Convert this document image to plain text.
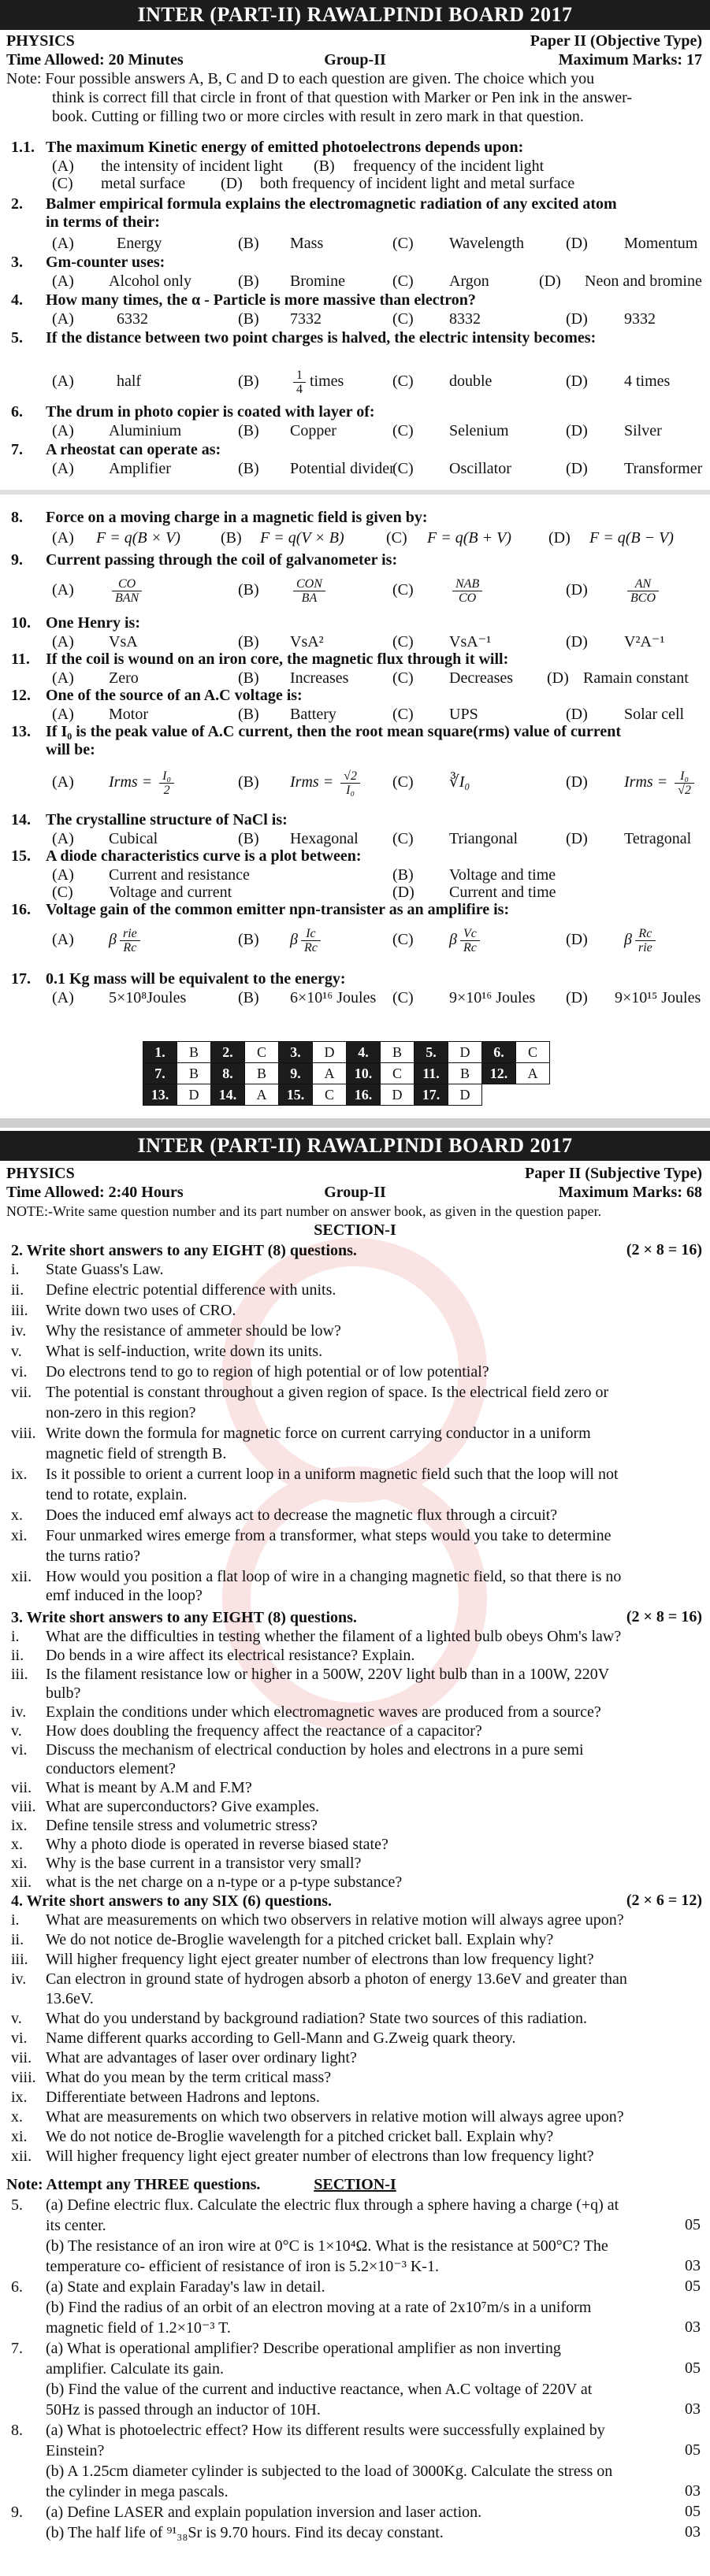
INTER (PART-II) RAWALPINDI BOARD 2017
PHYSICS	Paper II (Objective Type)
Time Allowed: 20 Minutes	Group-II	Maximum Marks: 17
Note: Four possible answers A, B, C and D to each question are given. The choice which you
think is correct fill that circle in front of that question with Marker or Pen ink in the answer-
book. Cutting or filling two or more circles with result in zero mark in that question.
1.1. The maximum Kinetic energy of emitted photoelectrons depends upon:
(A) the intensity of incident light (B) frequency of the incident light
(C) metal surface (D) both frequency of incident light and metal surface
2. Balmer empirical formula explains the electromagnetic radiation of any excited atom
in terms of their:
(A)	Energy	(B) Mass	(C) Wavelength	(D) Momentum
3. Gm-counter uses:
(A) Alcohol only	(B) Bromine	(C) Argon	(D) Neon and bromine
4. How many times, the α - Particle is more massive than electron?
(A)	6332	(B) 7332	(C) 8332	(D) 9332
5. If the distance between two point charges is halved, the electric intensity becomes:
(A)	half	(B)	$\frac{1}{4}$ times	(C) double	(D) 4 times
6. The drum in photo copier is coated with layer of:
(A) Aluminium	(B) Copper	(C) Selenium	(D) Silver
7. A rheostat can operate as:
(A) Amplifier	(B) Potential divider
(C) Oscillator	(D) Transformer
8. Force on a moving charge in a magnetic field is given by:
(A) F = q(B × V)	(B) F = q(V × B)	(C) F = q(B + V) (D) F = q(B − V)
9. Current passing through the coil of galvanometer is:
(A)	$\frac{CO}{\text{BAN}}$	(B)	$\frac{\text{CON}}{BA}$	(C)	$\frac{\text{NAB}}{CO}$	(D)	$\frac{AN}{\text{BCO}}$
10. One Henry is:
(A) VsA	(B) VsA²	(C) VsA⁻¹	(D) V²A⁻¹
11. If the coil is wound on an iron core, the magnetic flux through it will:
(A) Zero	(B) Increases	(C) Decreases (D) Ramain constant
12. One of the source of an A.C voltage is:
(A) Motor	(B) Battery	(C) UPS	(D) Solar cell
13. If I₀ is the peak value of A.C current, then the root mean square(rms) value of current
will be:
(A) Irms = $\frac{\text{I₀}}{2}$	(B) Irms = $\frac{√2}{\text{I₀}} (C)$ ∛I₀	(D) Irms = $\frac{\text{I₀}}{√2}$
14. The crystalline structure of NaCl is:
(A) Cubical	(B) Hexagonal (C) Triangonal	(D) Tetragonal
15. A diode characteristics curve is a plot between:
(A) Current and resistance	(B) Voltage and time
(C) Voltage and current	(D) Current and time
16. Voltage gain of the common emitter npn-transister as an amplifire is:
(A) β $\frac{\text{rie}}{Rc}$	(B) β $\frac{Ic}{Rc}$	(C) β $\frac{Vc}{Rc}$	(D) β $\frac{Rc}{\text{rie}}$
17. 0.1 Kg mass will be equivalent to the energy:
(A) 5×10⁸Joules	(B) 6×10¹⁶ Joules (C) 9×10¹⁶ Joules (D) 9×10¹⁵ Joules
1.	B	2.	C	3.	D	4.	B	5.	D	6.	C
7.	B	8.	B	9.	A	10.	C	11.	B	12.	A
13.	D	14.	A	15.	C	16.	D	17.	D		
INTER (PART-II) RAWALPINDI BOARD 2017
PHYSICS	Paper II (Subjective Type)
Time Allowed: 2:40 Hours	Group-II	Maximum Marks: 68
NOTE:-Write same question number and its part number on answer book, as given in the question paper.
SECTION-I
2. Write short answers to any EIGHT (8) questions.	(2 × 8 = 16)
i. State Guass's Law.
ii. Define electric potential difference with units.
iii. Write down two uses of CRO.
iv. Why the resistance of ammeter should be low?
v. What is self-induction, write down its units.
vi. Do electrons tend to go to region of high potential or of low potential?
vii. The potential is constant throughout a given region of space. Is the electrical field zero or
non-zero in this region?
viii. Write down the formula for magnetic force on current carrying conductor in a uniform
magnetic field of strength B.
ix. Is it possible to orient a current loop in a uniform magnetic field such that the loop will not
tend to rotate, explain.
x. Does the induced emf always act to decrease the magnetic flux through a circuit?
xi. Four unmarked wires emerge from a transformer, what steps would you take to determine
the turns ratio?
xii. How would you position a flat loop of wire in a changing magnetic field, so that there is no
emf induced in the loop?
3. Write short answers to any EIGHT (8) questions.	(2 × 8 = 16)
i. What are the difficulties in testing whether the filament of a lighted bulb obeys Ohm's law?
ii. Do bends in a wire affect its electrical resistance? Explain.
iii. Is the filament resistance low or higher in a 500W, 220V light bulb than in a 100W, 220V
bulb?
iv. Explain the conditions under which electromagnetic waves are produced from a source?
v. How does doubling the frequency affect the reactance of a capacitor?
vi. Discuss the mechanism of electrical conduction by holes and electrons in a pure semi
conductors element?
vii. What is meant by A.M and F.M?
viii. What are superconductors? Give examples.
ix. Define tensile stress and volumetric stress?
x. Why a photo diode is operated in reverse biased state?
xi. Why is the base current in a transistor very small?
xii. what is the net charge on a n-type or a p-type substance?
4. Write short answers to any SIX (6) questions.	(2 × 6 = 12)
i. What are measurements on which two observers in relative motion will always agree upon?
ii. We do not notice de-Broglie wavelength for a pitched cricket ball. Explain why?
iii. Will higher frequency light eject greater number of electrons than low frequency light?
iv. Can electron in ground state of hydrogen absorb a photon of energy 13.6eV and greater than
13.6eV.
v. What do you understand by background radiation? State two sources of this radiation.
vi. Name different quarks according to Gell-Mann and G.Zweig quark theory.
vii. What are advantages of laser over ordinary light?
viii. What do you mean by the term critical mass?
ix. Differentiate between Hadrons and leptons.
x. What are measurements on which two observers in relative motion will always agree upon?
xi. We do not notice de-Broglie wavelength for a pitched cricket ball. Explain why?
xii. Will higher frequency light eject greater number of electrons than low frequency light?
Note: Attempt any THREE questions.	SECTION-I
5. (a) Define electric flux. Calculate the electric flux through a sphere having a charge (+q) at
its center.	05
(b) The resistance of an iron wire at 0°C is 1×10⁴Ω. What is the resistance at 500°C? The
temperature co- efficient of resistance of iron is 5.2×10⁻³ K-1.	03
6. (a) State and explain Faraday's law in detail.	05
(b) Find the radius of an orbit of an electron moving at a rate of 2x10⁷m/s in a uniform
magnetic field of 1.2×10⁻³ T.	03
7. (a) What is operational amplifier? Describe operational amplifier as non inverting
amplifier. Calculate its gain.	05
(b) Find the value of the current and inductive reactance, when A.C voltage of 220V at
50Hz is passed through an inductor of 10H.	03
8. (a) What is photoelectric effect? How its different results were successfully explained by
Einstein?	05
(b) A 1.25cm diameter cylinder is subjected to the load of 3000Kg. Calculate the stress on
the cylinder in mega pascals.	03
9. (a) Define LASER and explain population inversion and laser action.	05
(b) The half life of ⁹¹₃₈Sr is 9.70 hours. Find its decay constant.	03
